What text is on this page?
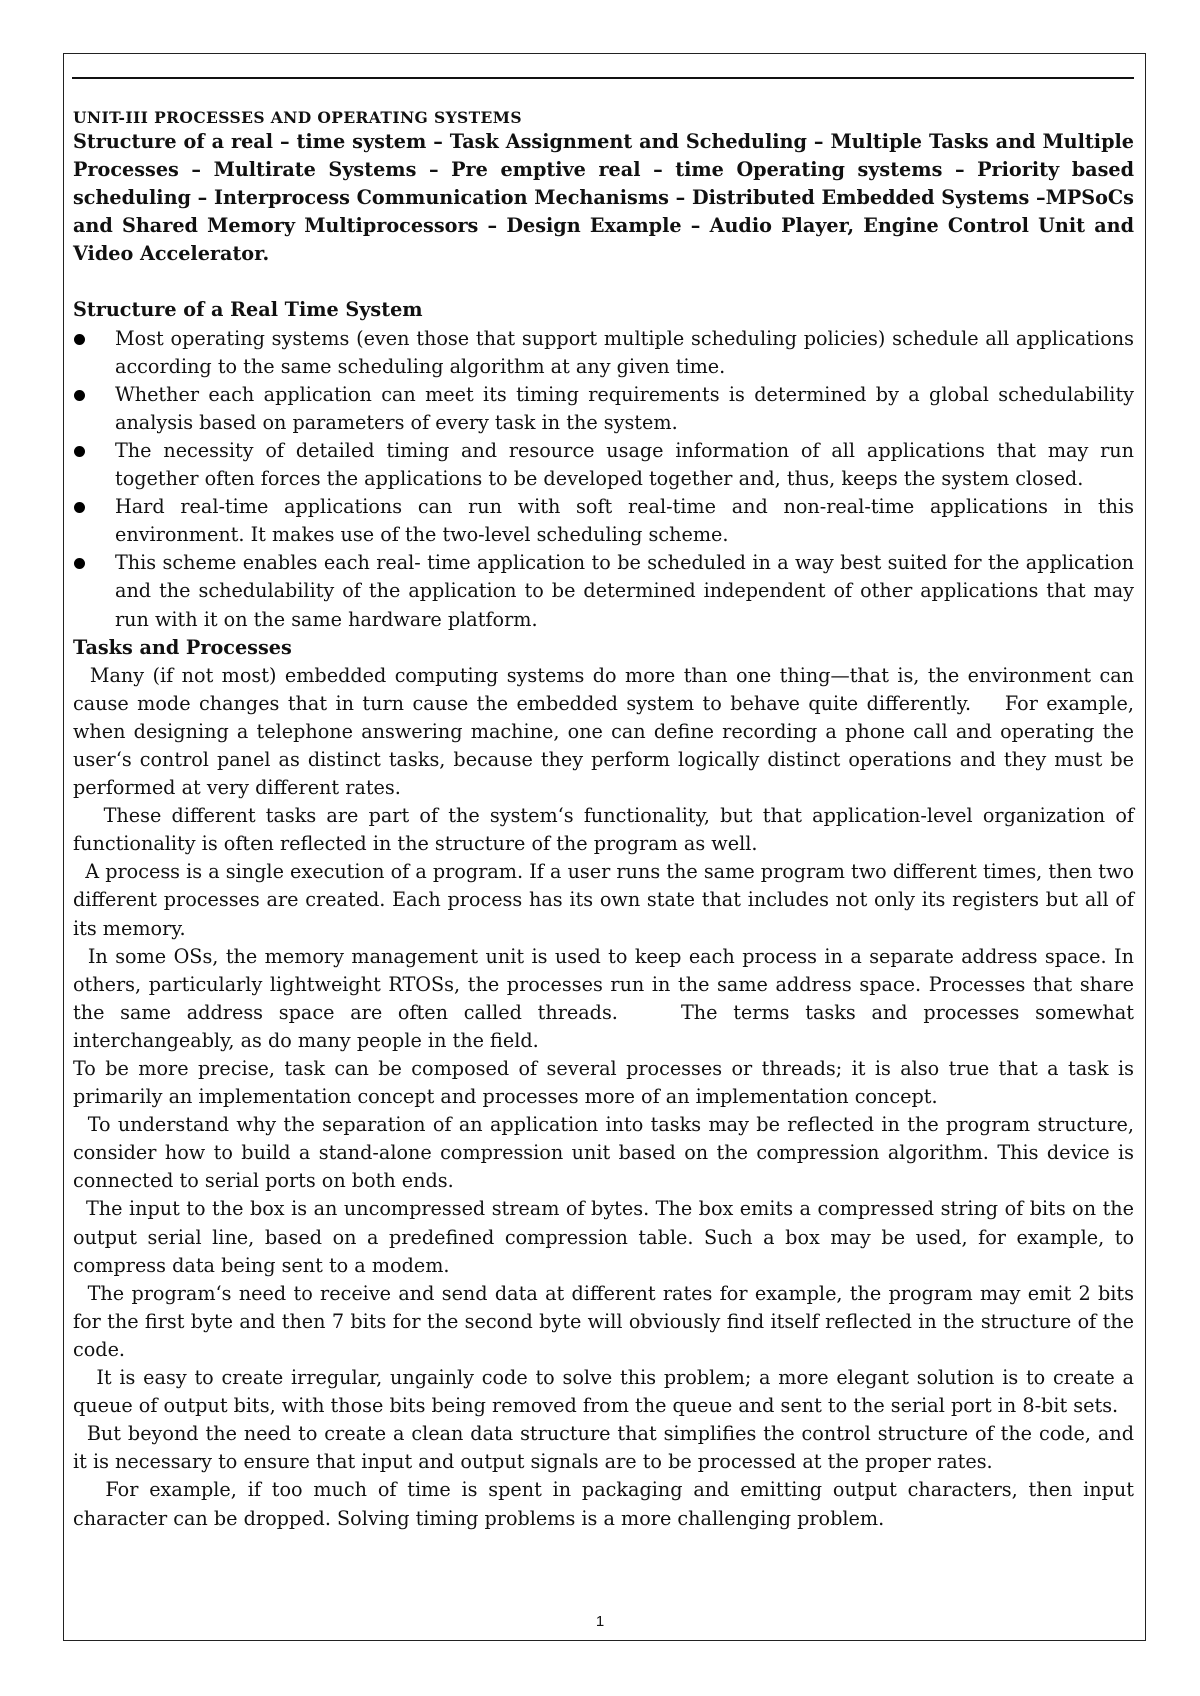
UNIT-III PROCESSES AND OPERATING SYSTEMS

Structure of a real – time system – Task Assignment and Scheduling – Multiple Tasks and Multiple Processes – Multirate Systems – Pre emptive real – time Operating systems – Priority based scheduling – Interprocess Communication Mechanisms – Distributed Embedded Systems –MPSoCs and Shared Memory Multiprocessors – Design Example – Audio Player, Engine Control Unit and Video Accelerator.

Structure of a Real Time System

Most operating systems (even those that support multiple scheduling policies) schedule all applications according to the same scheduling algorithm at any given time.
Whether each application can meet its timing requirements is determined by a global schedulability analysis based on parameters of every task in the system.
The necessity of detailed timing and resource usage information of all applications that may run together often forces the applications to be developed together and, thus, keeps the system closed.
Hard real-time applications can run with soft real-time and non-real-time applications in this environment. It makes use of the two-level scheduling scheme.
This scheme enables each real- time application to be scheduled in a way best suited for the application and the schedulability of the application to be determined independent of other applications that may run with it on the same hardware platform.

Tasks and Processes

Many (if not most) embedded computing systems do more than one thing—that is, the environment can cause mode changes that in turn cause the embedded system to behave quite differently.    For example, when designing a telephone answering machine, one can define recording a phone call and operating the user‘s control panel as distinct tasks, because they perform logically distinct operations and they must be performed at very different rates.

These different tasks are part of the system‘s functionality, but that application-level organization of functionality is often reflected in the structure of the program as well.

A process is a single execution of a program. If a user runs the same program two different times, then two different processes are created. Each process has its own state that includes not only its registers but all of its memory.

In some OSs, the memory management unit is used to keep each process in a separate address space. In others, particularly lightweight RTOSs, the processes run in the same address space. Processes that share the same address space are often called threads.    The terms tasks and processes somewhat interchangeably, as do many people in the field.

To be more precise, task can be composed of several processes or threads; it is also true that a task is primarily an implementation concept and processes more of an implementation concept.

To understand why the separation of an application into tasks may be reflected in the program structure, consider how to build a stand-alone compression unit based on the compression algorithm. This device is connected to serial ports on both ends.

The input to the box is an uncompressed stream of bytes. The box emits a compressed string of bits on the output serial line, based on a predefined compression table. Such a box may be used, for example, to compress data being sent to a modem.

The program‘s need to receive and send data at different rates for example, the program may emit 2 bits for the first byte and then 7 bits for the second byte will obviously find itself reflected in the structure of the code.

It is easy to create irregular, ungainly code to solve this problem; a more elegant solution is to create a queue of output bits, with those bits being removed from the queue and sent to the serial port in 8-bit sets.

But beyond the need to create a clean data structure that simplifies the control structure of the code, and it is necessary to ensure that input and output signals are to be processed at the proper rates.

For example, if too much of time is spent in packaging and emitting output characters, then input character can be dropped. Solving timing problems is a more challenging problem.

1
